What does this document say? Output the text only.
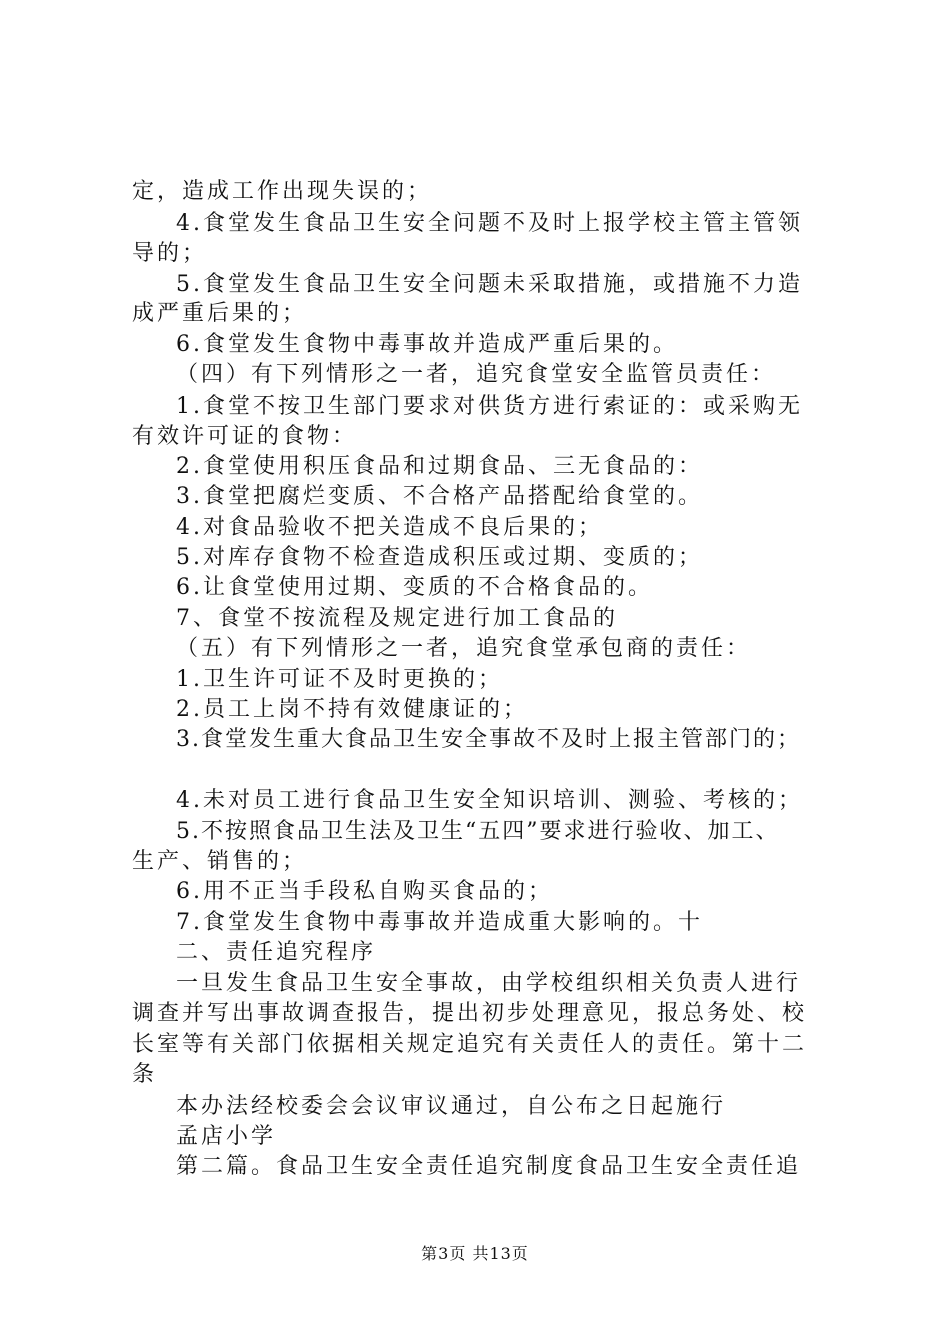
定，造成工作出现失误的；
4.食堂发生食品卫生安全问题不及时上报学校主管主管领
导的；
5.食堂发生食品卫生安全问题未采取措施，或措施不力造
成严重后果的；
6.食堂发生食物中毒事故并造成严重后果的。
（四）有下列情形之一者，追究食堂安全监管员责任：
1.食堂不按卫生部门要求对供货方进行索证的：或采购无
有效许可证的食物：
2.食堂使用积压食品和过期食品、三无食品的：
3.食堂把腐烂变质、不合格产品搭配给食堂的。
4.对食品验收不把关造成不良后果的；
5.对库存食物不检查造成积压或过期、变质的；
6.让食堂使用过期、变质的不合格食品的。
7、食堂不按流程及规定进行加工食品的
（五）有下列情形之一者，追究食堂承包商的责任：
1.卫生许可证不及时更换的；
2.员工上岗不持有效健康证的；
3.食堂发生重大食品卫生安全事故不及时上报主管部门的；
4.未对员工进行食品卫生安全知识培训、测验、考核的；
5.不按照食品卫生法及卫生“五四”要求进行验收、加工、
生产、销售的；
6.用不正当手段私自购买食品的；
7.食堂发生食物中毒事故并造成重大影响的。十
二、责任追究程序
一旦发生食品卫生安全事故，由学校组织相关负责人进行
调查并写出事故调查报告，提出初步处理意见，报总务处、校
长室等有关部门依据相关规定追究有关责任人的责任。第十二
条
本办法经校委会会议审议通过，自公布之日起施行
孟店小学
第二篇。食品卫生安全责任追究制度食品卫生安全责任追
第3页 共13页
